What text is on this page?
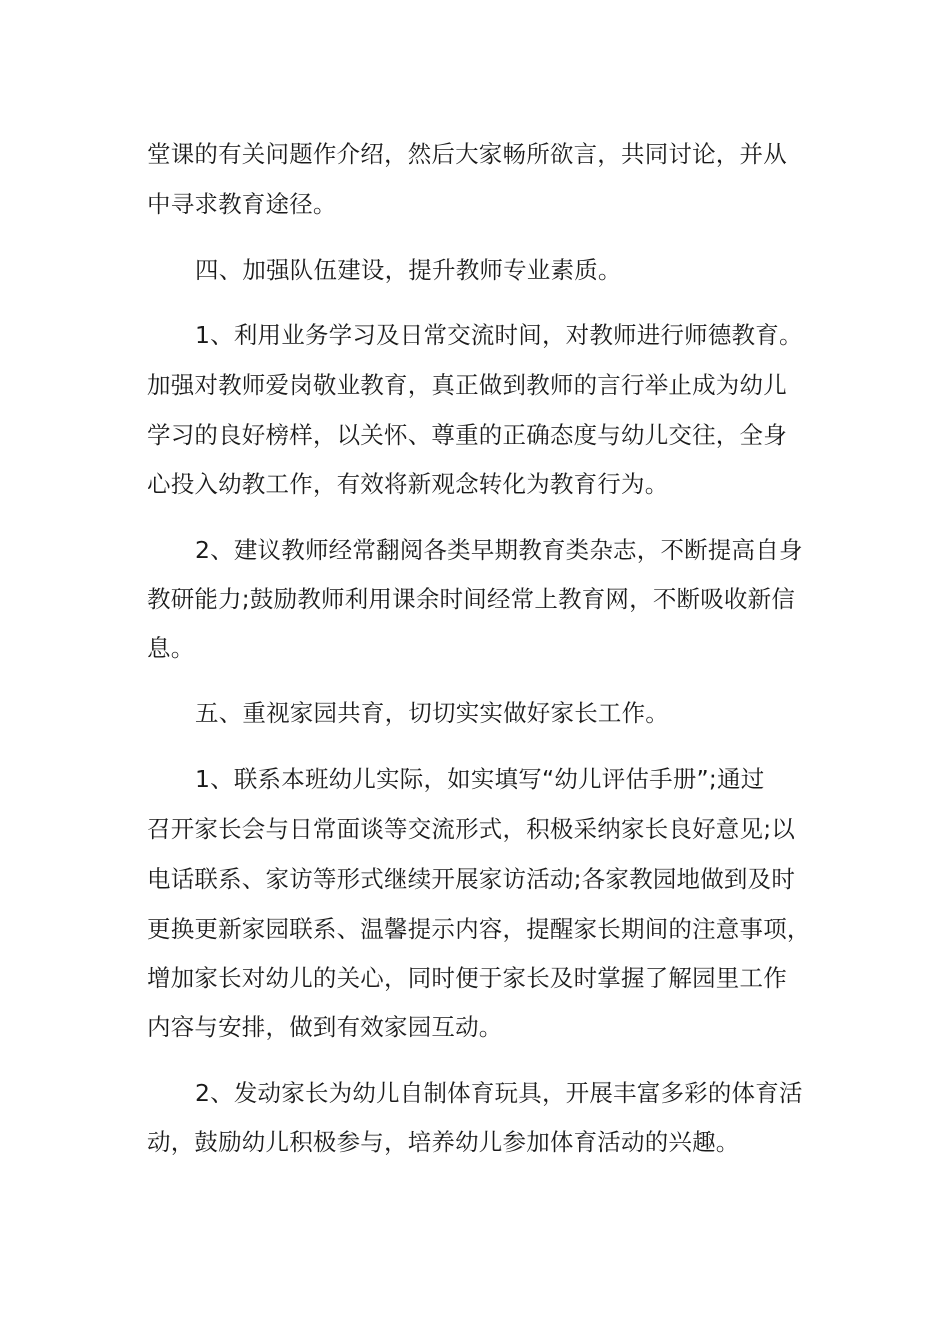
堂课的有关问题作介绍，然后大家畅所欲言，共同讨论，并从
中寻求教育途径。
四、加强队伍建设，提升教师专业素质。
1、利用业务学习及日常交流时间，对教师进行师德教育。
加强对教师爱岗敬业教育，真正做到教师的言行举止成为幼儿
学习的良好榜样，以关怀、尊重的正确态度与幼儿交往，全身
心投入幼教工作，有效将新观念转化为教育行为。
2、建议教师经常翻阅各类早期教育类杂志，不断提高自身
教研能力;鼓励教师利用课余时间经常上教育网，不断吸收新信
息。
五、重视家园共育，切切实实做好家长工作。
1、联系本班幼儿实际，如实填写“幼儿评估手册”;通过
召开家长会与日常面谈等交流形式，积极采纳家长良好意见;以
电话联系、家访等形式继续开展家访活动;各家教园地做到及时
更换更新家园联系、温馨提示内容，提醒家长期间的注意事项，
增加家长对幼儿的关心，同时便于家长及时掌握了解园里工作
内容与安排，做到有效家园互动。
2、发动家长为幼儿自制体育玩具，开展丰富多彩的体育活
动，鼓励幼儿积极参与，培养幼儿参加体育活动的兴趣。
